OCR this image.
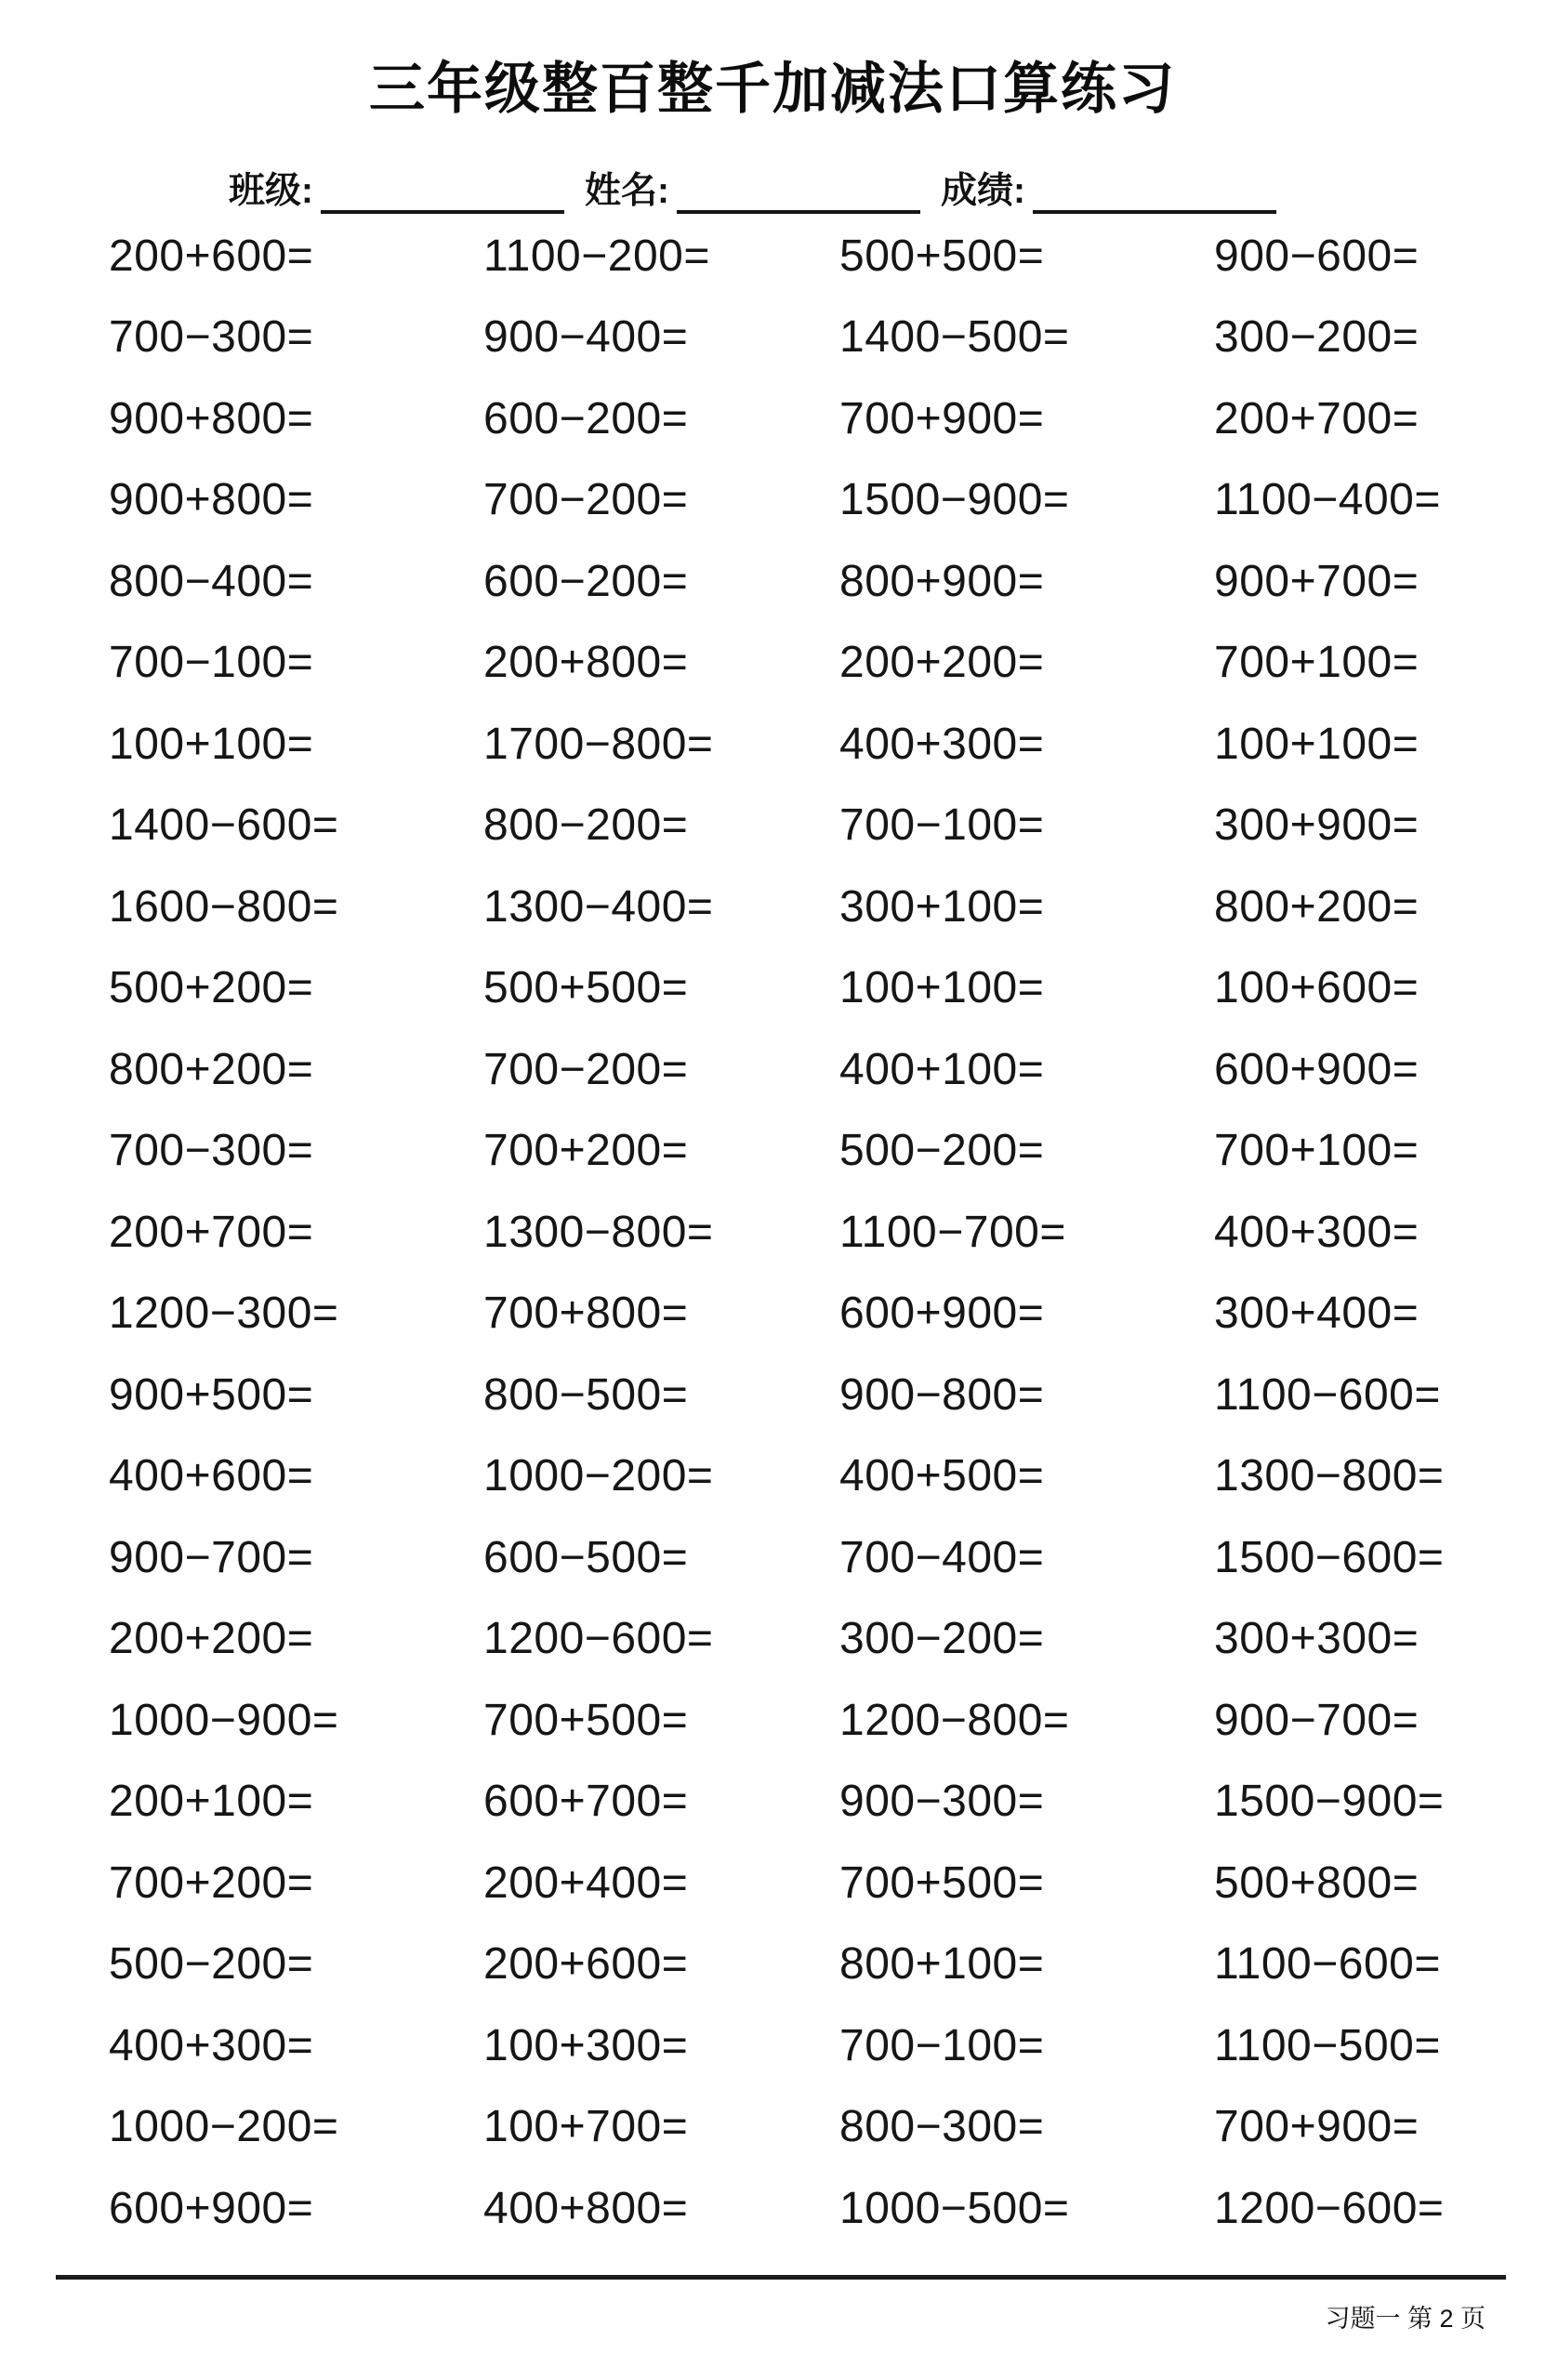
三年级整百整千加减法口算练习
班级:	姓名:	成绩:
200+600=	1100−200=	500+500=	900−600=
700−300=	900−400=	1400−500=	300−200=
900+800=	600−200=	700+900=	200+700=
900+800=	700−200=	1500−900=	1100−400=
800−400=	600−200=	800+900=	900+700=
700−100=	200+800=	200+200=	700+100=
100+100=	1700−800=	400+300=	100+100=
1400−600=	800−200=	700−100=	300+900=
1600−800=	1300−400=	300+100=	800+200=
500+200=	500+500=	100+100=	100+600=
800+200=	700−200=	400+100=	600+900=
700−300=	700+200=	500−200=	700+100=
200+700=	1300−800=	1100−700=	400+300=
1200−300=	700+800=	600+900=	300+400=
900+500=	800−500=	900−800=	1100−600=
400+600=	1000−200=	400+500=	1300−800=
900−700=	600−500=	700−400=	1500−600=
200+200=	1200−600=	300−200=	300+300=
1000−900=	700+500=	1200−800=	900−700=
200+100=	600+700=	900−300=	1500−900=
700+200=	200+400=	700+500=	500+800=
500−200=	200+600=	800+100=	1100−600=
400+300=	100+300=	700−100=	1100−500=
1000−200=	100+700=	800−300=	700+900=
600+900=	400+800=	1000−500=	1200−600=
习题一 第 2 页
